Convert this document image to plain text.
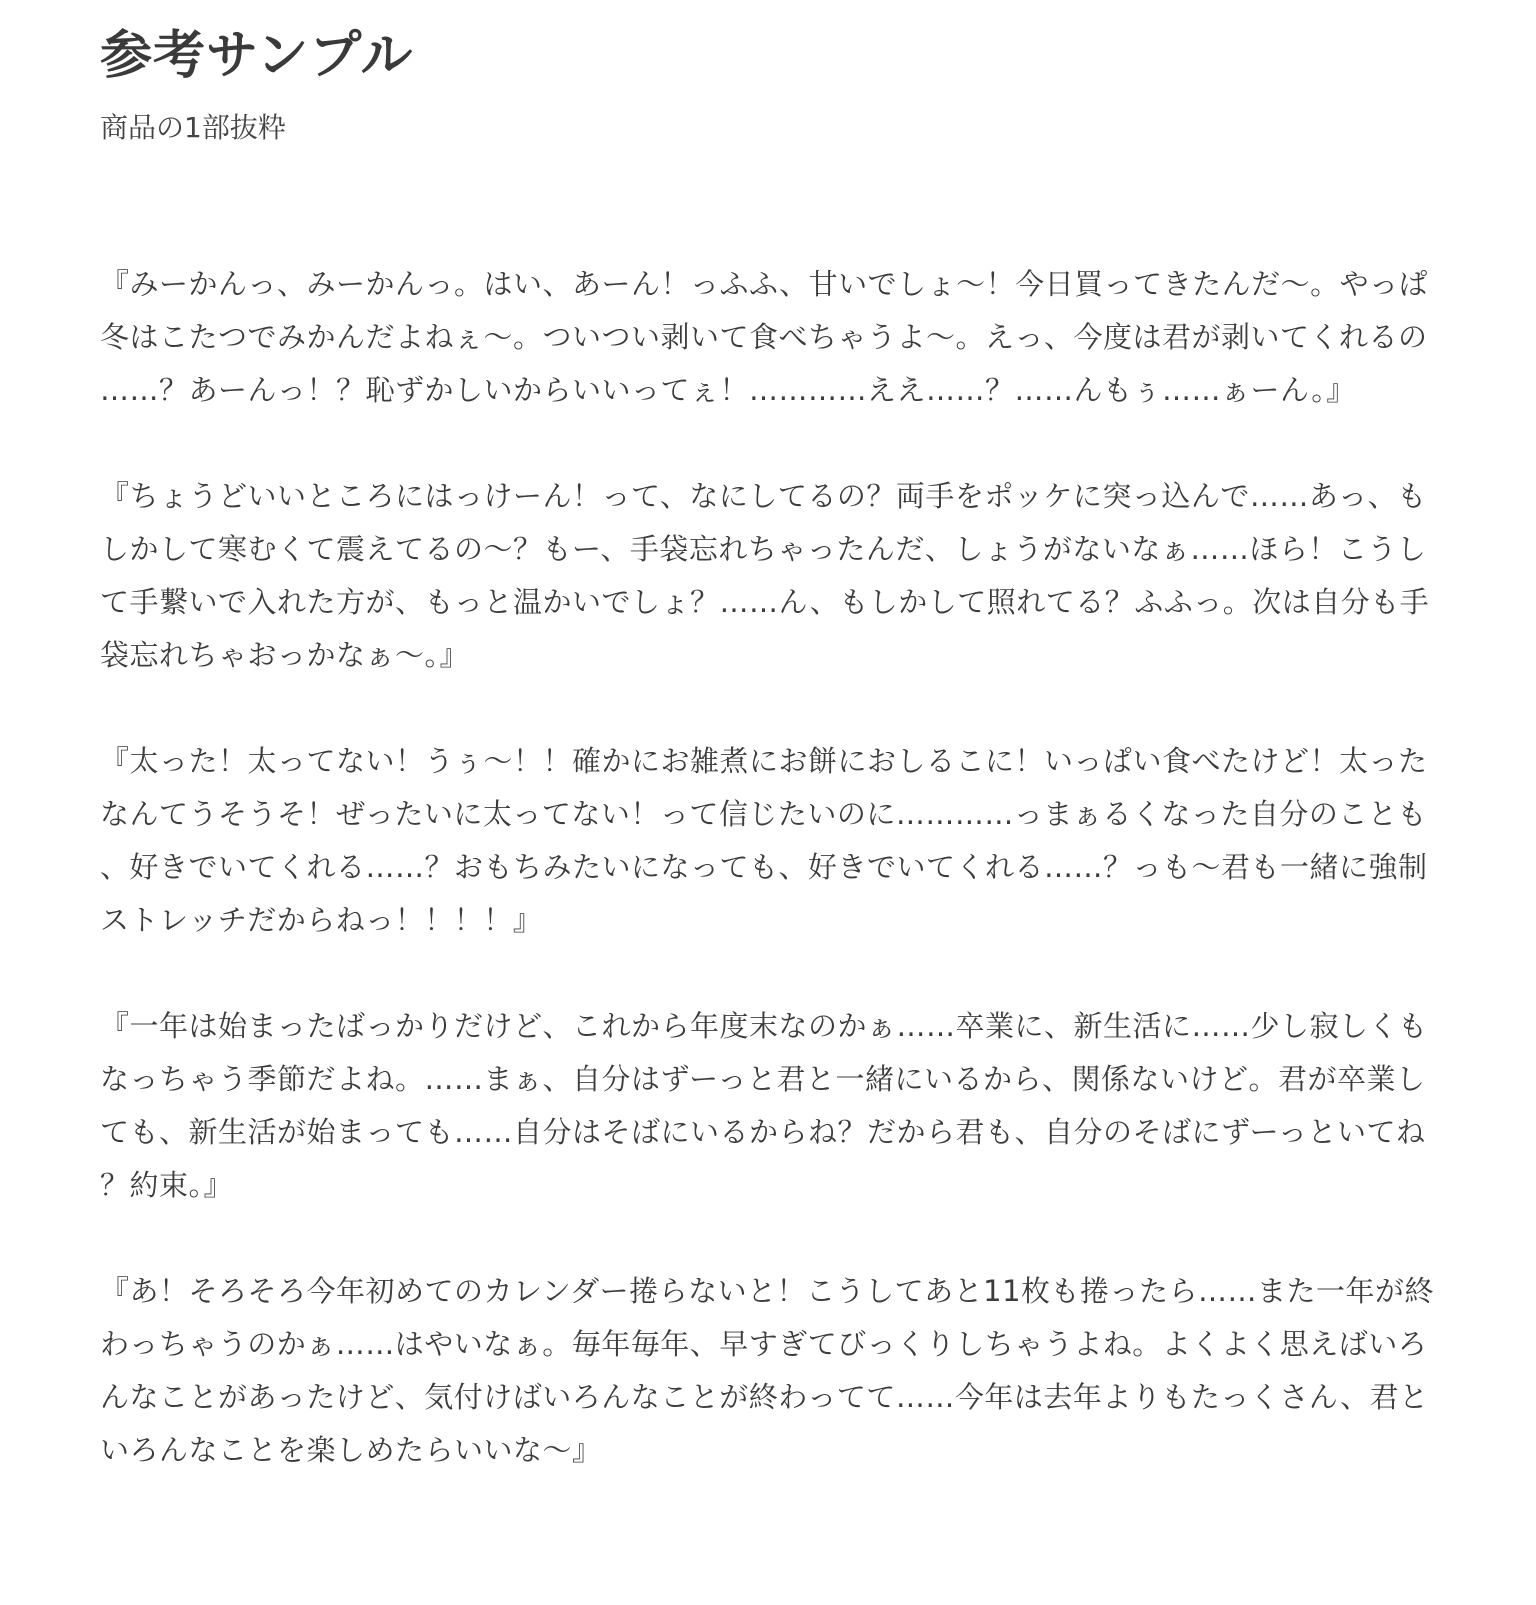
参考サンプル
商品の1部抜粋

『みーかんっ、みーかんっ。はい、あーん！っふふ、甘いでしょ〜！今日買ってきたんだ〜。やっぱ冬はこたつでみかんだよねぇ〜。ついつい剥いて食べちゃうよ〜。えっ、今度は君が剥いてくれるの……？あーんっ！？恥ずかしいからいいってぇ！…………ええ……？……んもぅ……ぁーん。』

『ちょうどいいところにはっけーん！って、なにしてるの？両手をポッケに突っ込んで……あっ、もしかして寒むくて震えてるの〜？もー、手袋忘れちゃったんだ、しょうがないなぁ……ほら！こうして手繋いで入れた方が、もっと温かいでしょ？……ん、もしかして照れてる？ふふっ。次は自分も手袋忘れちゃおっかなぁ〜。』

『太った！太ってない！うぅ〜！！確かにお雑煮にお餅におしるこに！いっぱい食べたけど！太ったなんてうそうそ！ぜったいに太ってない！って信じたいのに…………っまぁるくなった自分のことも、好きでいてくれる……？おもちみたいになっても、好きでいてくれる……？っも〜君も一緒に強制ストレッチだからねっ！！！！』

『一年は始まったばっかりだけど、これから年度末なのかぁ……卒業に、新生活に……少し寂しくもなっちゃう季節だよね。……まぁ、自分はずーっと君と一緒にいるから、関係ないけど。君が卒業しても、新生活が始まっても……自分はそばにいるからね？だから君も、自分のそばにずーっといてね？約束。』

『あ！そろそろ今年初めてのカレンダー捲らないと！こうしてあと11枚も捲ったら……また一年が終わっちゃうのかぁ……はやいなぁ。毎年毎年、早すぎてびっくりしちゃうよね。よくよく思えばいろんなことがあったけど、気付けばいろんなことが終わってて……今年は去年よりもたっくさん、君といろんなことを楽しめたらいいな〜』
